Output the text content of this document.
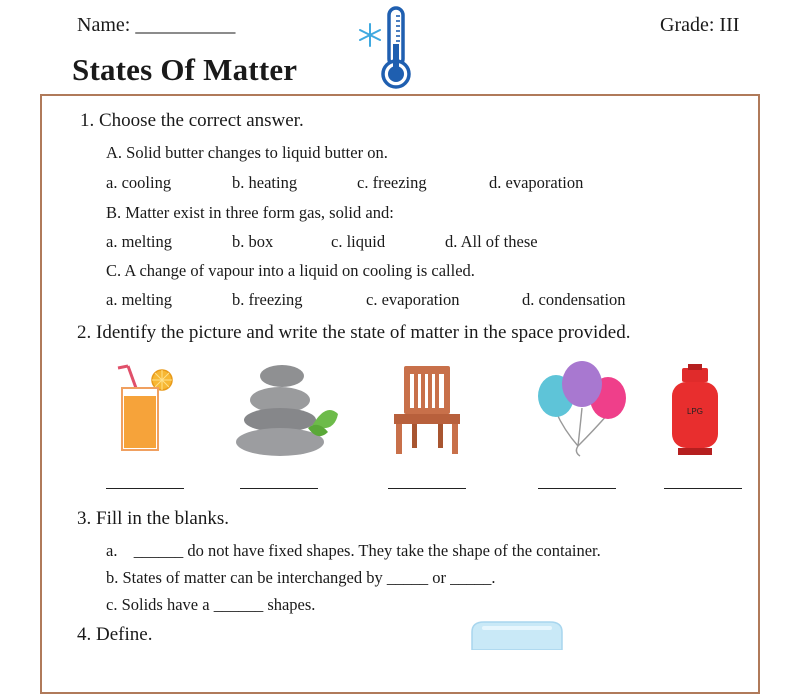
Name: __________	Grade: III
States Of Matter
1. Choose the correct answer.
A. Solid butter changes to liquid butter on.
a. cooling	b. heating	c. freezing	d. evaporation
B. Matter exist in three form gas, solid and:
a. melting	b. box	c. liquid	d. All of these
C. A change of vapour into a liquid on cooling is called.
a. melting	b. freezing	c. evaporation	d. condensation
2. Identify the picture and write the state of matter in the space provided.
LPG
3. Fill in the blanks.
a. ______ do not have fixed shapes. They take the shape of the container.
b. States of matter can be interchanged by _____ or _____.
c. Solids have a ______ shapes.
4. Define.
